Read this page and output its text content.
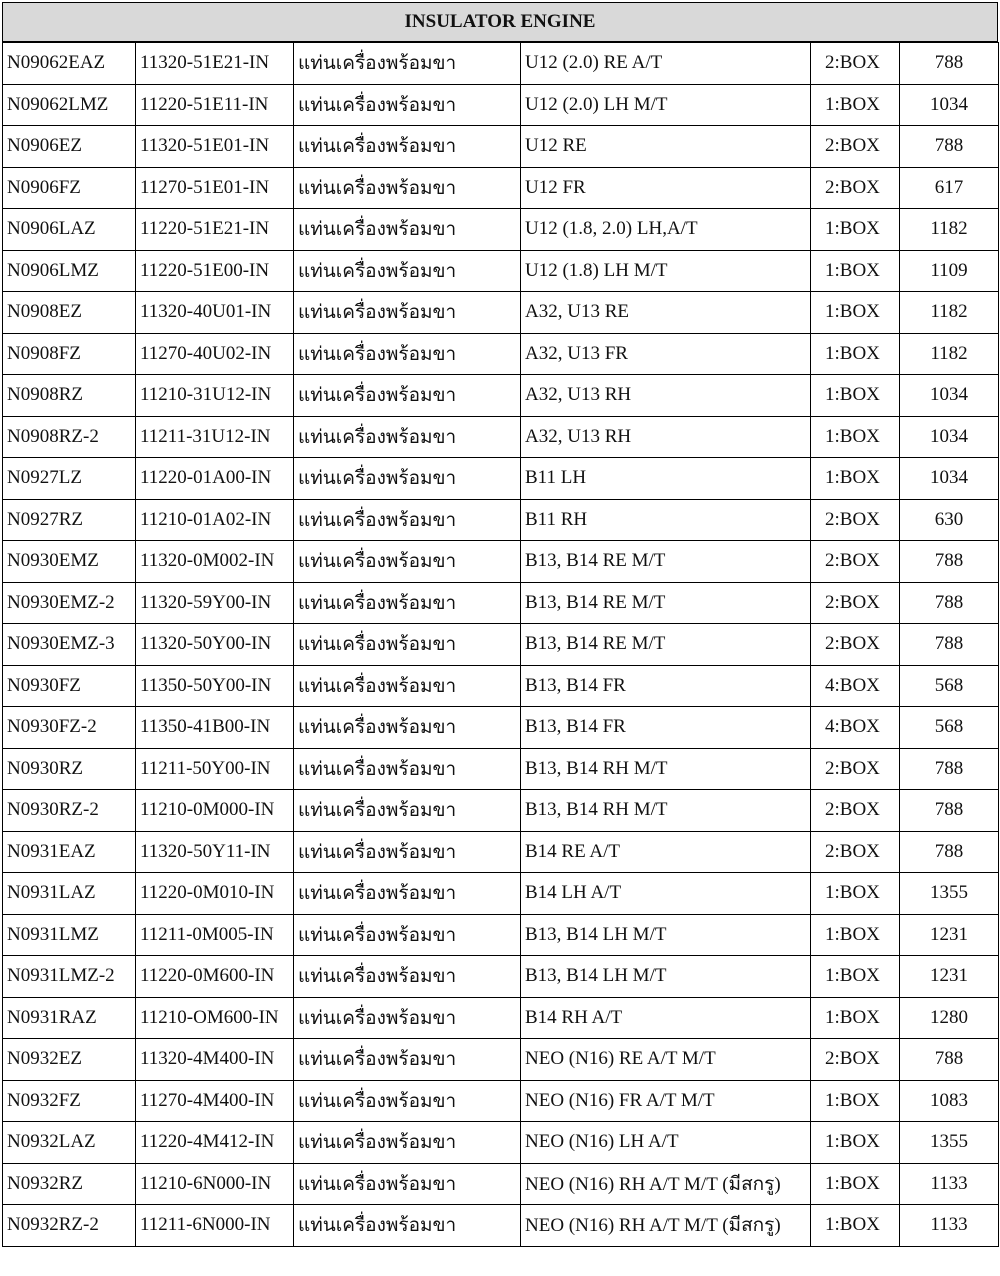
INSULATOR ENGINE
N09062EAZ	11320-51E21-IN	แท่นเครื่องพร้อมขา	U12 (2.0) RE A/T	2:BOX	788
N09062LMZ	11220-51E11-IN	แท่นเครื่องพร้อมขา	U12 (2.0) LH M/T	1:BOX	1034
N0906EZ	11320-51E01-IN	แท่นเครื่องพร้อมขา	U12 RE	2:BOX	788
N0906FZ	11270-51E01-IN	แท่นเครื่องพร้อมขา	U12 FR	2:BOX	617
N0906LAZ	11220-51E21-IN	แท่นเครื่องพร้อมขา	U12 (1.8, 2.0) LH,A/T	1:BOX	1182
N0906LMZ	11220-51E00-IN	แท่นเครื่องพร้อมขา	U12 (1.8) LH M/T	1:BOX	1109
N0908EZ	11320-40U01-IN	แท่นเครื่องพร้อมขา	A32, U13 RE	1:BOX	1182
N0908FZ	11270-40U02-IN	แท่นเครื่องพร้อมขา	A32, U13 FR	1:BOX	1182
N0908RZ	11210-31U12-IN	แท่นเครื่องพร้อมขา	A32, U13 RH	1:BOX	1034
N0908RZ-2	11211-31U12-IN	แท่นเครื่องพร้อมขา	A32, U13 RH	1:BOX	1034
N0927LZ	11220-01A00-IN	แท่นเครื่องพร้อมขา	B11 LH	1:BOX	1034
N0927RZ	11210-01A02-IN	แท่นเครื่องพร้อมขา	B11 RH	2:BOX	630
N0930EMZ	11320-0M002-IN	แท่นเครื่องพร้อมขา	B13, B14 RE M/T	2:BOX	788
N0930EMZ-2	11320-59Y00-IN	แท่นเครื่องพร้อมขา	B13, B14 RE M/T	2:BOX	788
N0930EMZ-3	11320-50Y00-IN	แท่นเครื่องพร้อมขา	B13, B14 RE M/T	2:BOX	788
N0930FZ	11350-50Y00-IN	แท่นเครื่องพร้อมขา	B13, B14 FR	4:BOX	568
N0930FZ-2	11350-41B00-IN	แท่นเครื่องพร้อมขา	B13, B14 FR	4:BOX	568
N0930RZ	11211-50Y00-IN	แท่นเครื่องพร้อมขา	B13, B14 RH M/T	2:BOX	788
N0930RZ-2	11210-0M000-IN	แท่นเครื่องพร้อมขา	B13, B14 RH M/T	2:BOX	788
N0931EAZ	11320-50Y11-IN	แท่นเครื่องพร้อมขา	B14 RE A/T	2:BOX	788
N0931LAZ	11220-0M010-IN	แท่นเครื่องพร้อมขา	B14 LH A/T	1:BOX	1355
N0931LMZ	11211-0M005-IN	แท่นเครื่องพร้อมขา	B13, B14 LH M/T	1:BOX	1231
N0931LMZ-2	11220-0M600-IN	แท่นเครื่องพร้อมขา	B13, B14 LH M/T	1:BOX	1231
N0931RAZ	11210-OM600-IN	แท่นเครื่องพร้อมขา	B14 RH A/T	1:BOX	1280
N0932EZ	11320-4M400-IN	แท่นเครื่องพร้อมขา	NEO (N16) RE A/T M/T	2:BOX	788
N0932FZ	11270-4M400-IN	แท่นเครื่องพร้อมขา	NEO (N16) FR A/T M/T	1:BOX	1083
N0932LAZ	11220-4M412-IN	แท่นเครื่องพร้อมขา	NEO (N16) LH A/T	1:BOX	1355
N0932RZ	11210-6N000-IN	แท่นเครื่องพร้อมขา	NEO (N16) RH A/T M/T (มีสกรู)	1:BOX	1133
N0932RZ-2	11211-6N000-IN	แท่นเครื่องพร้อมขา	NEO (N16) RH A/T M/T (มีสกรู)	1:BOX	1133
